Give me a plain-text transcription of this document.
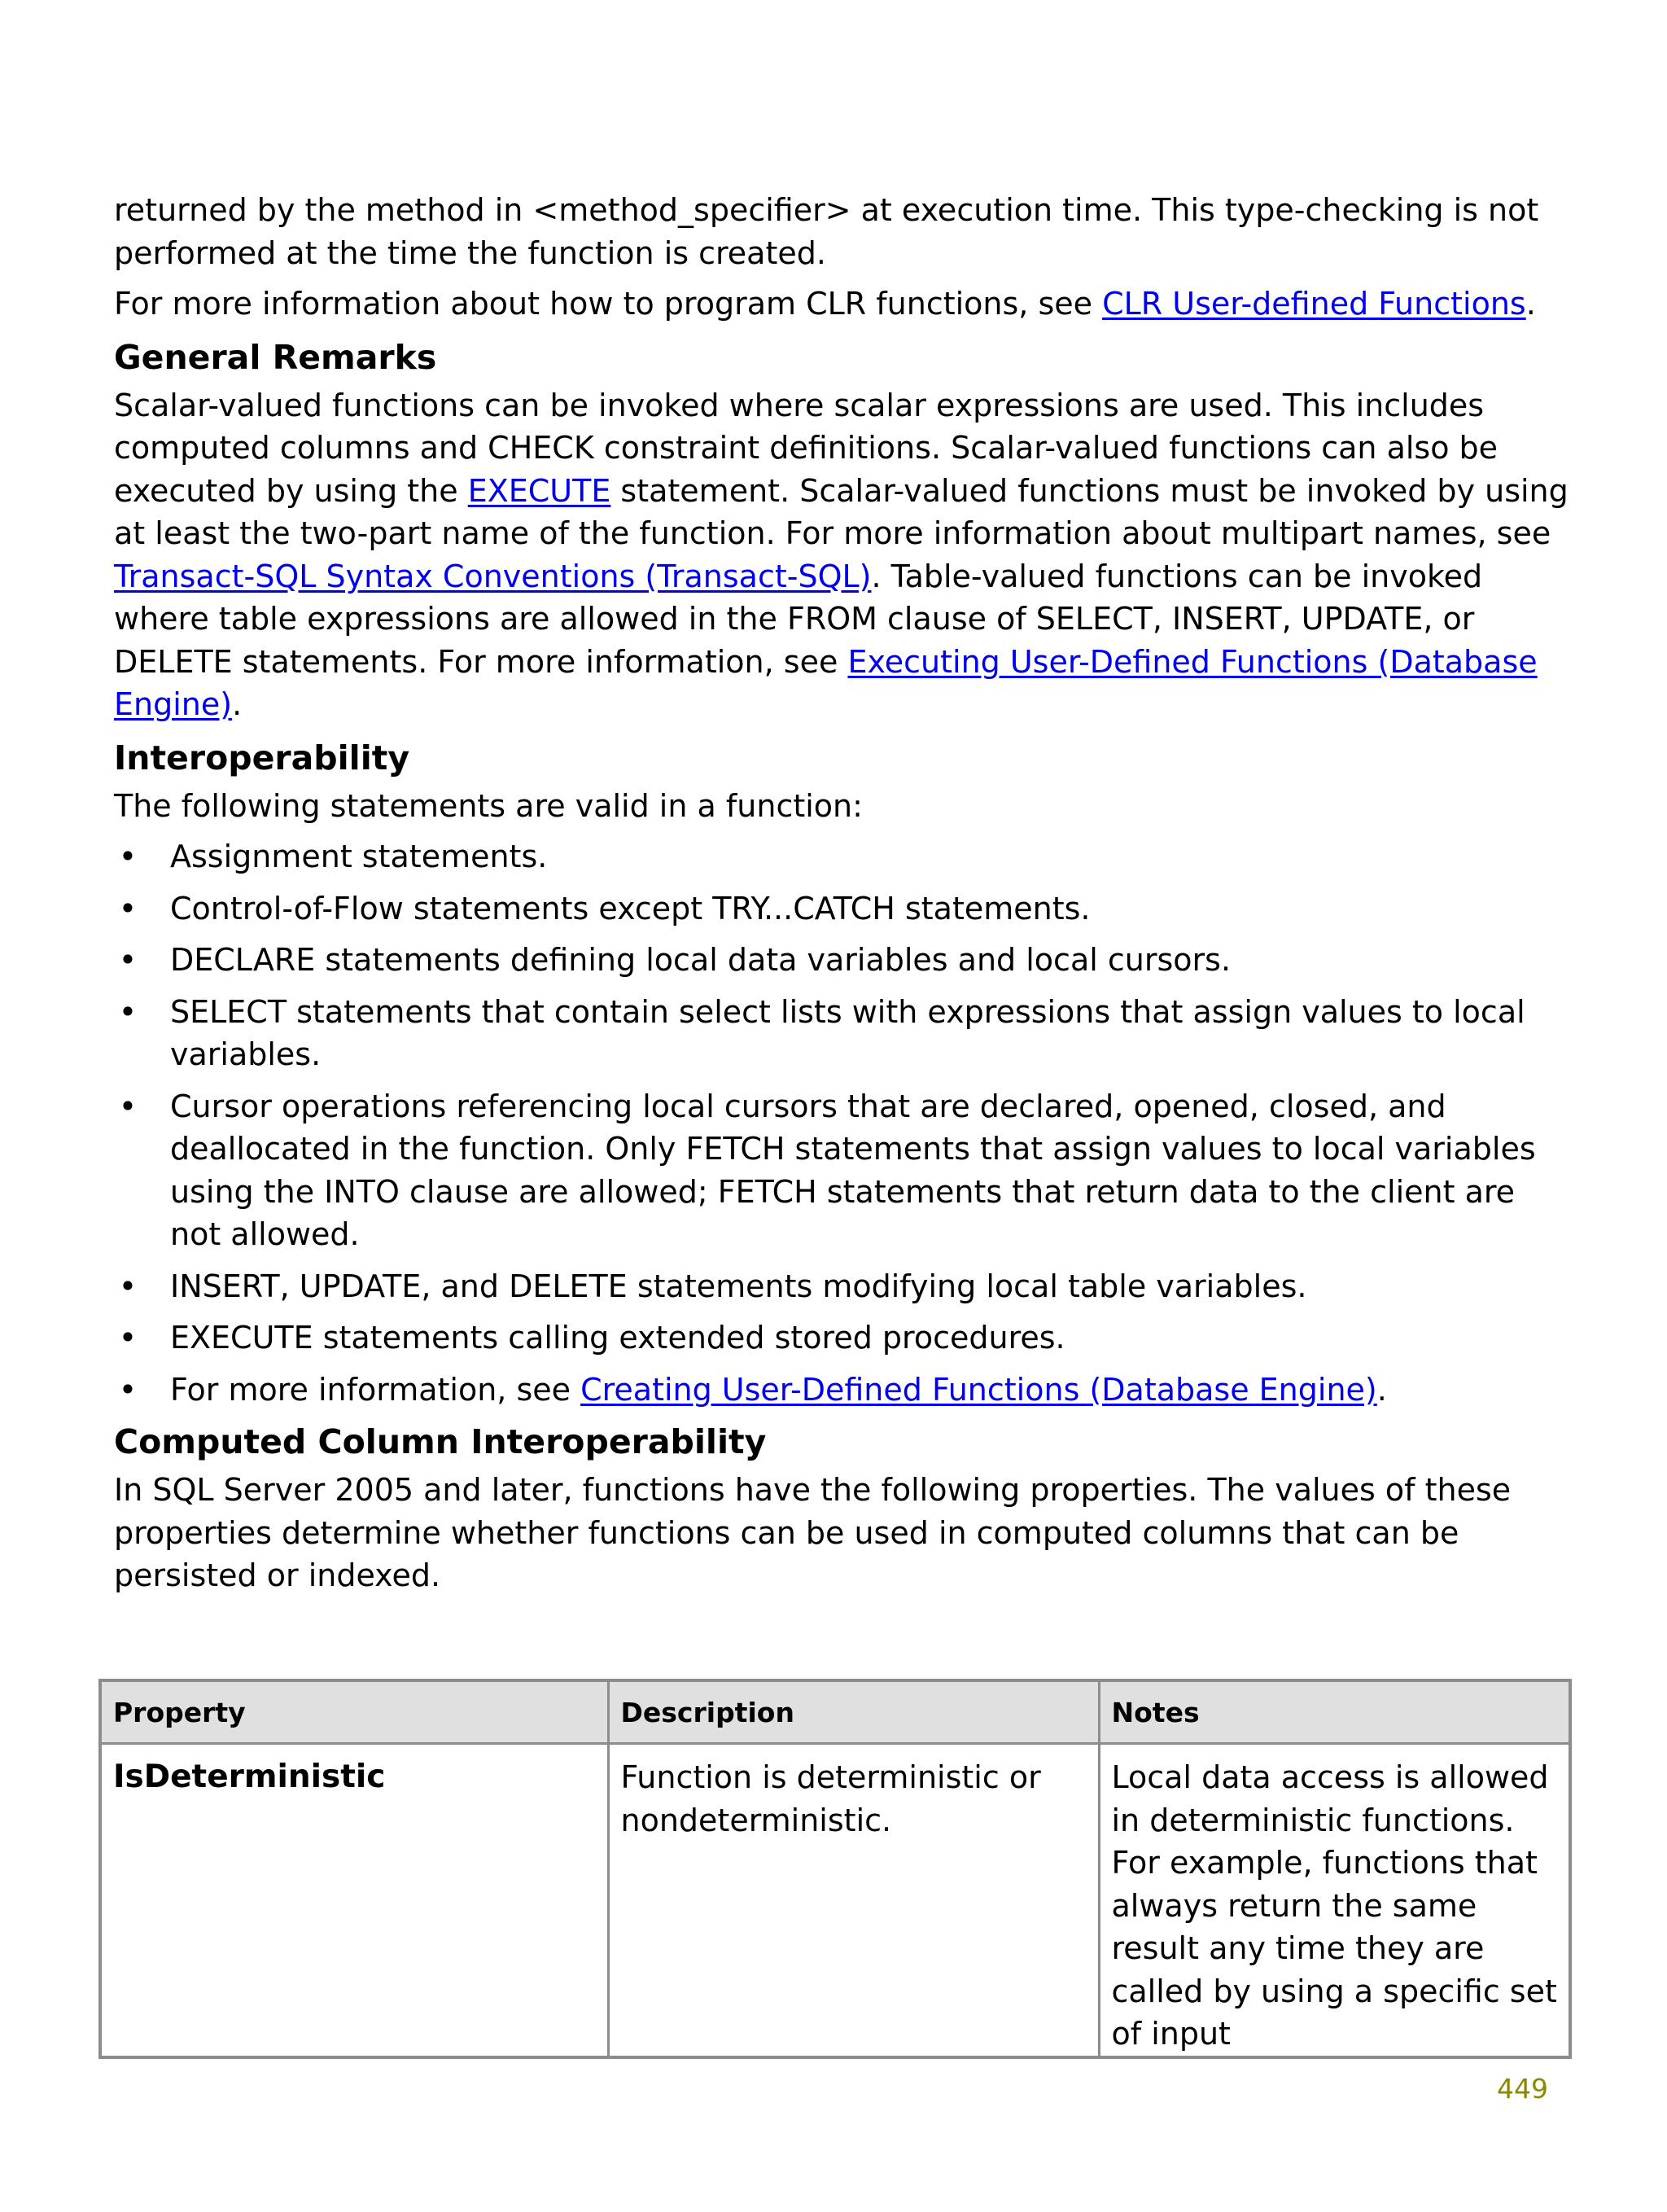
returned by the method in <method_specifier> at execution time. This type-checking is not performed at the time the function is created.

For more information about how to program CLR functions, see CLR User-defined Functions.

General Remarks

Scalar-valued functions can be invoked where scalar expressions are used. This includes computed columns and CHECK constraint definitions. Scalar-valued functions can also be executed by using the EXECUTE statement. Scalar-valued functions must be invoked by using at least the two-part name of the function. For more information about multipart names, see Transact-SQL Syntax Conventions (Transact-SQL). Table-valued functions can be invoked where table expressions are allowed in the FROM clause of SELECT, INSERT, UPDATE, or DELETE statements. For more information, see Executing User-Defined Functions (Database Engine).

Interoperability

The following statements are valid in a function:

• Assignment statements.
• Control-of-Flow statements except TRY...CATCH statements.
• DECLARE statements defining local data variables and local cursors.
• SELECT statements that contain select lists with expressions that assign values to local variables.
• Cursor operations referencing local cursors that are declared, opened, closed, and deallocated in the function. Only FETCH statements that assign values to local variables using the INTO clause are allowed; FETCH statements that return data to the client are not allowed.
• INSERT, UPDATE, and DELETE statements modifying local table variables.
• EXECUTE statements calling extended stored procedures.
• For more information, see Creating User-Defined Functions (Database Engine).
Computed Column Interoperability

In SQL Server 2005 and later, functions have the following properties. The values of these properties determine whether functions can be used in computed columns that can be persisted or indexed.

Property	Description	Notes
IsDeterministic	Function is deterministic or nondeterministic.	Local data access is allowed in deterministic functions. For example, functions that always return the same result any time they are called by using a specific set of input
449
